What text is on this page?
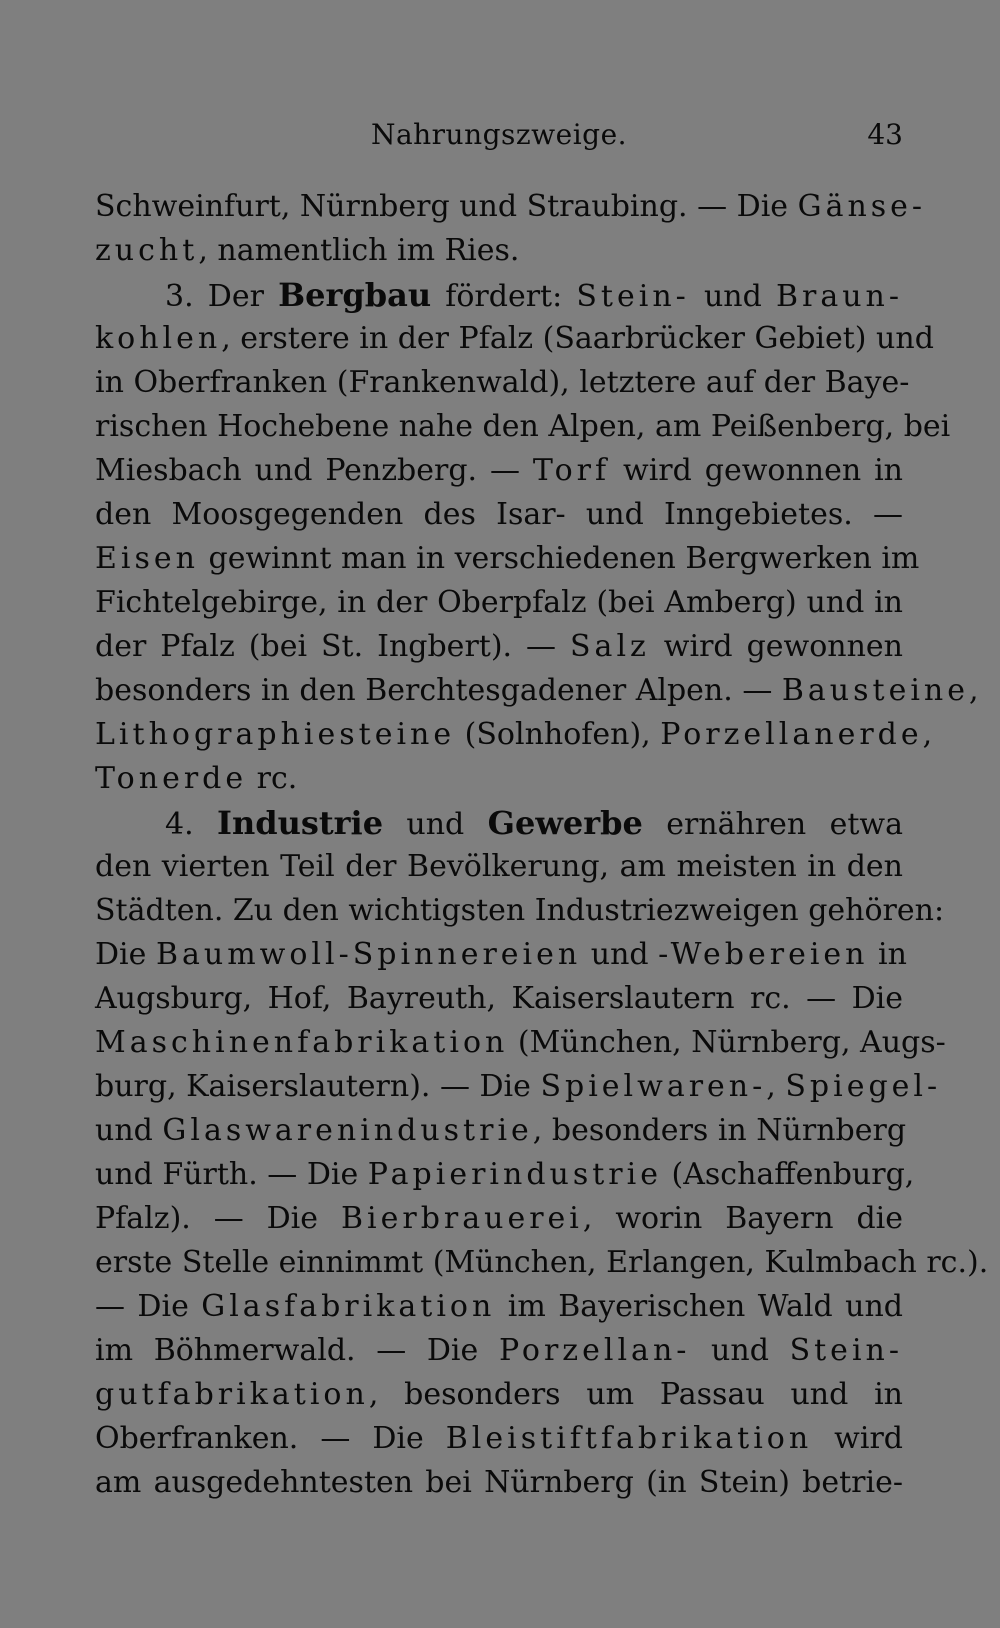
Nahrungszweige.	43
Schweinfurt, Nürnberg und Straubing. — Die Gänse-
zucht, namentlich im Ries.
3. Der Bergbau fördert: Stein- und Braun-
kohlen, erstere in der Pfalz (Saarbrücker Gebiet) und
in Oberfranken (Frankenwald), letztere auf der Baye-
rischen Hochebene nahe den Alpen, am Peißenberg, bei
Miesbach und Penzberg. — Torf wird gewonnen in
den Moosgegenden des Isar- und Inngebietes. —
Eisen gewinnt man in verschiedenen Bergwerken im
Fichtelgebirge, in der Oberpfalz (bei Amberg) und in
der Pfalz (bei St. Ingbert). — Salz wird gewonnen
besonders in den Berchtesgadener Alpen. — Bausteine,
Lithographiesteine (Solnhofen), Porzellanerde,
Tonerde rc.
4. Industrie und Gewerbe ernähren etwa
den vierten Teil der Bevölkerung, am meisten in den
Städten. Zu den wichtigsten Industriezweigen gehören:
Die Baumwoll-Spinnereien und -Webereien in
Augsburg, Hof, Bayreuth, Kaiserslautern rc. — Die
Maschinenfabrikation (München, Nürnberg, Augs-
burg, Kaiserslautern). — Die Spielwaren-, Spiegel-
und Glaswarenindustrie, besonders in Nürnberg
und Fürth. — Die Papierindustrie (Aschaffenburg,
Pfalz). — Die Bierbrauerei, worin Bayern die
erste Stelle einnimmt (München, Erlangen, Kulmbach rc.).
— Die Glasfabrikation im Bayerischen Wald und
im Böhmerwald. — Die Porzellan- und Stein-
gutfabrikation, besonders um Passau und in
Oberfranken. — Die Bleistiftfabrikation wird
am ausgedehntesten bei Nürnberg (in Stein) betrie-
